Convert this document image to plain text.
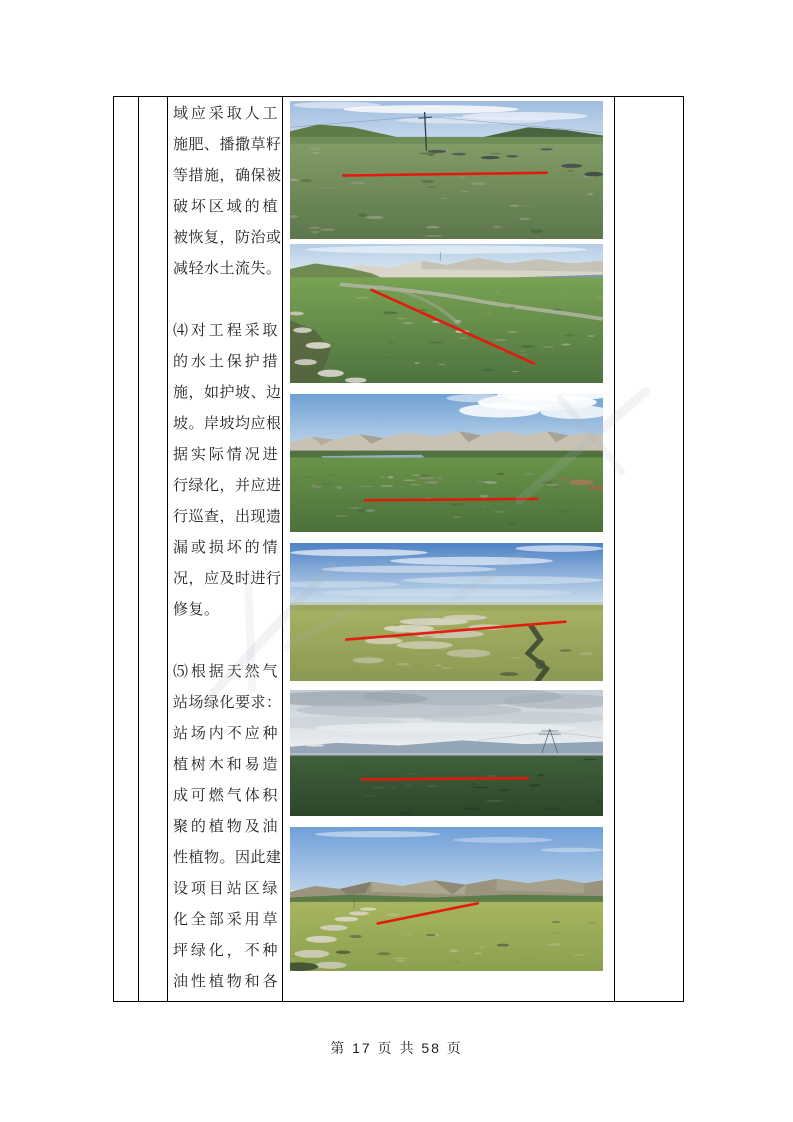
域应采取人工
施肥、播撒草籽
等措施，确保被
破坏区域的植
被恢复，防治或
减轻水土流失。
⑷对工程采取
的水土保护措
施，如护坡、边
坡。岸坡均应根
据实际情况进
行绿化，并应进
行巡查，出现遗
漏或损坏的情
况，应及时进行
修复。
⑸根据天然气
站场绿化要求：
站场内不应种
植树木和易造
成可燃气体积
聚的植物及油
性植物。因此建
设项目站区绿
化全部采用草
坪绿化，不种
油性植物和各

第 17 页 共 58 页
